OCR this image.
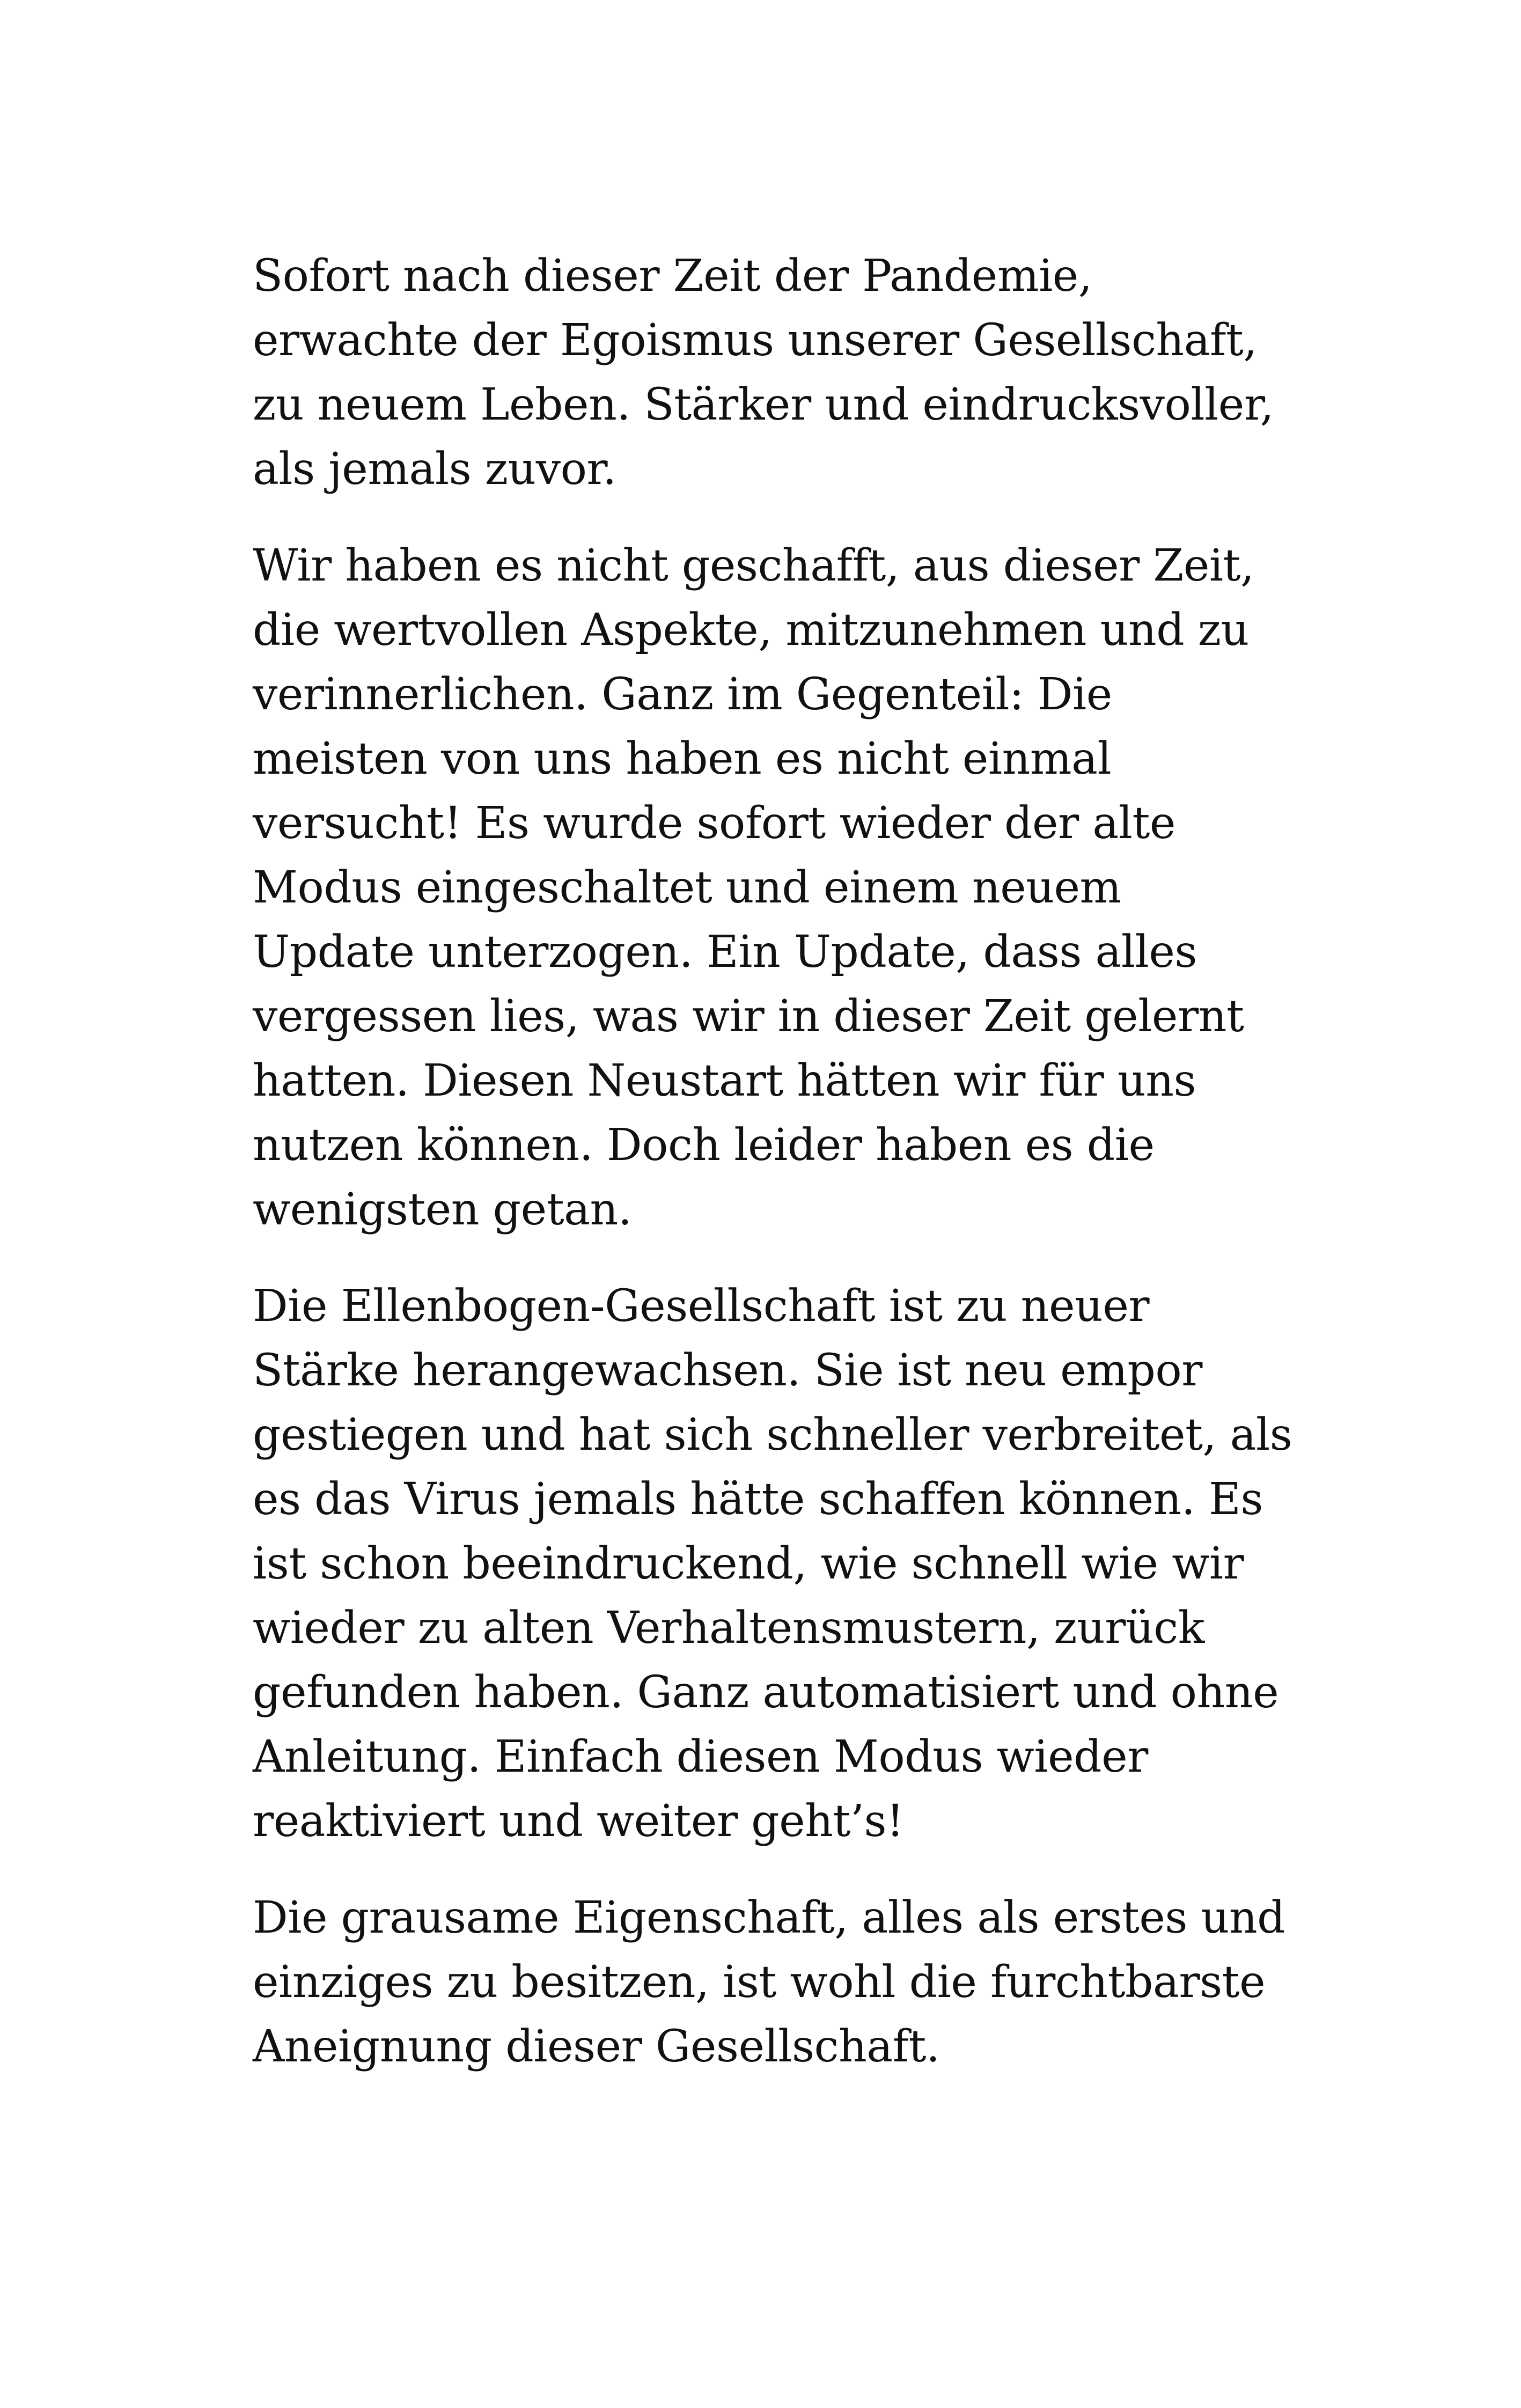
Sofort nach dieser Zeit der Pandemie,
erwachte der Egoismus unserer Gesellschaft,
zu neuem Leben. Stärker und eindrucksvoller,
als jemals zuvor.

Wir haben es nicht geschafft, aus dieser Zeit,
die wertvollen Aspekte, mitzunehmen und zu
verinnerlichen. Ganz im Gegenteil: Die
meisten von uns haben es nicht einmal
versucht! Es wurde sofort wieder der alte
Modus eingeschaltet und einem neuem
Update unterzogen. Ein Update, dass alles
vergessen lies, was wir in dieser Zeit gelernt
hatten. Diesen Neustart hätten wir für uns
nutzen können. Doch leider haben es die
wenigsten getan.

Die Ellenbogen-Gesellschaft ist zu neuer
Stärke herangewachsen. Sie ist neu empor
gestiegen und hat sich schneller verbreitet, als
es das Virus jemals hätte schaffen können. Es
ist schon beeindruckend, wie schnell wie wir
wieder zu alten Verhaltensmustern, zurück
gefunden haben. Ganz automatisiert und ohne
Anleitung. Einfach diesen Modus wieder
reaktiviert und weiter geht’s!

Die grausame Eigenschaft, alles als erstes und
einziges zu besitzen, ist wohl die furchtbarste
Aneignung dieser Gesellschaft.
